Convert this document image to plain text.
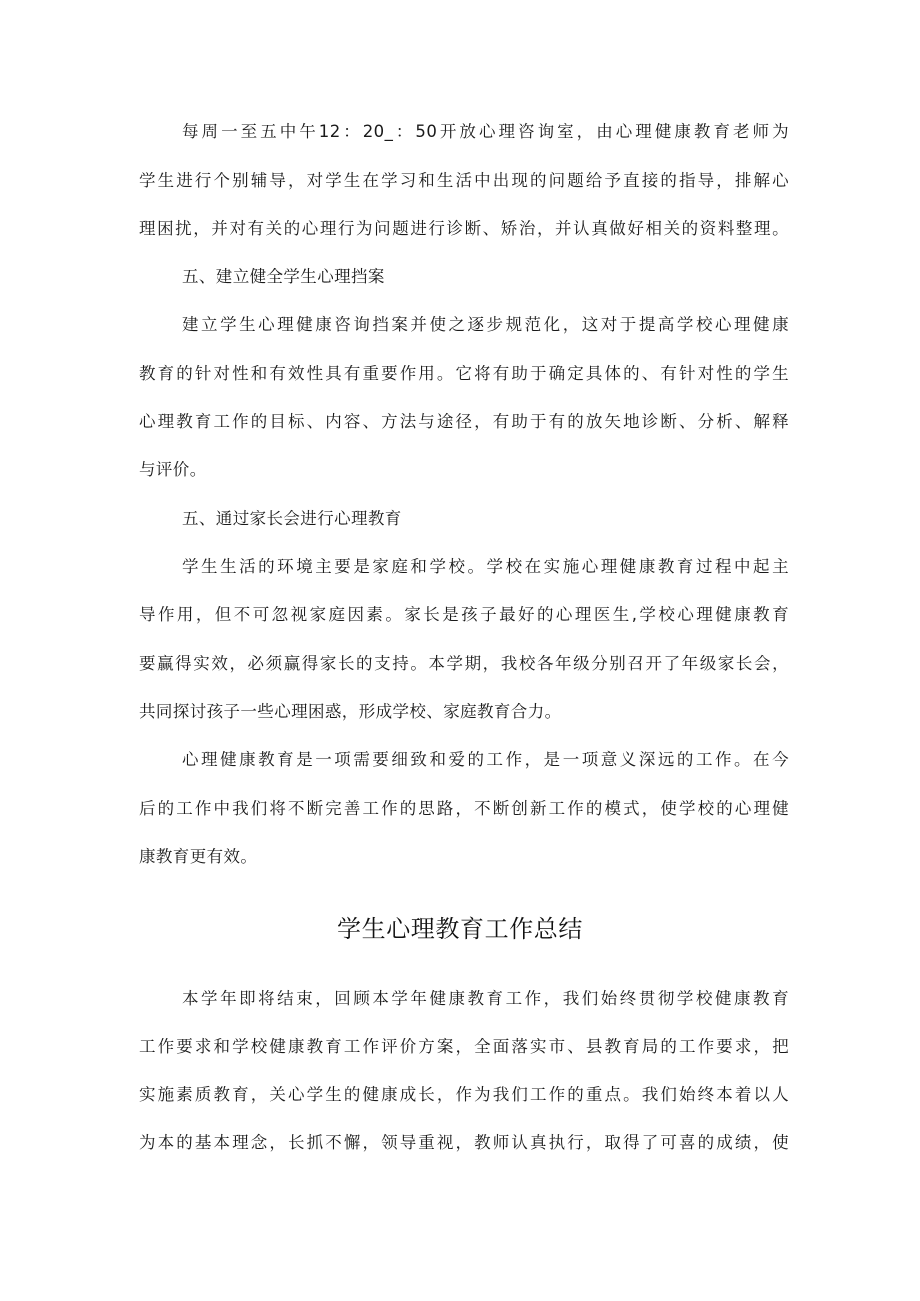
每周一至五中午12：20_：50开放心理咨询室，由心理健康教育老师为
学生进行个别辅导，对学生在学习和生活中出现的问题给予直接的指导，排解心
理困扰，并对有关的心理行为问题进行诊断、矫治，并认真做好相关的资料整理。
五、建立健全学生心理挡案
建立学生心理健康咨询挡案并使之逐步规范化，这对于提高学校心理健康
教育的针对性和有效性具有重要作用。它将有助于确定具体的、有针对性的学生
心理教育工作的目标、内容、方法与途径，有助于有的放矢地诊断、分析、解释
与评价。
五、通过家长会进行心理教育
学生生活的环境主要是家庭和学校。学校在实施心理健康教育过程中起主
导作用，但不可忽视家庭因素。家长是孩子最好的心理医生,学校心理健康教育
要赢得实效，必须赢得家长的支持。本学期，我校各年级分别召开了年级家长会，
共同探讨孩子一些心理困惑，形成学校、家庭教育合力。
心理健康教育是一项需要细致和爱的工作，是一项意义深远的工作。在今
后的工作中我们将不断完善工作的思路，不断创新工作的模式，使学校的心理健
康教育更有效。
学生心理教育工作总结
本学年即将结束，回顾本学年健康教育工作，我们始终贯彻学校健康教育
工作要求和学校健康教育工作评价方案，全面落实市、县教育局的工作要求，把
实施素质教育，关心学生的健康成长，作为我们工作的重点。我们始终本着以人
为本的基本理念，长抓不懈，领导重视，教师认真执行，取得了可喜的成绩，使
